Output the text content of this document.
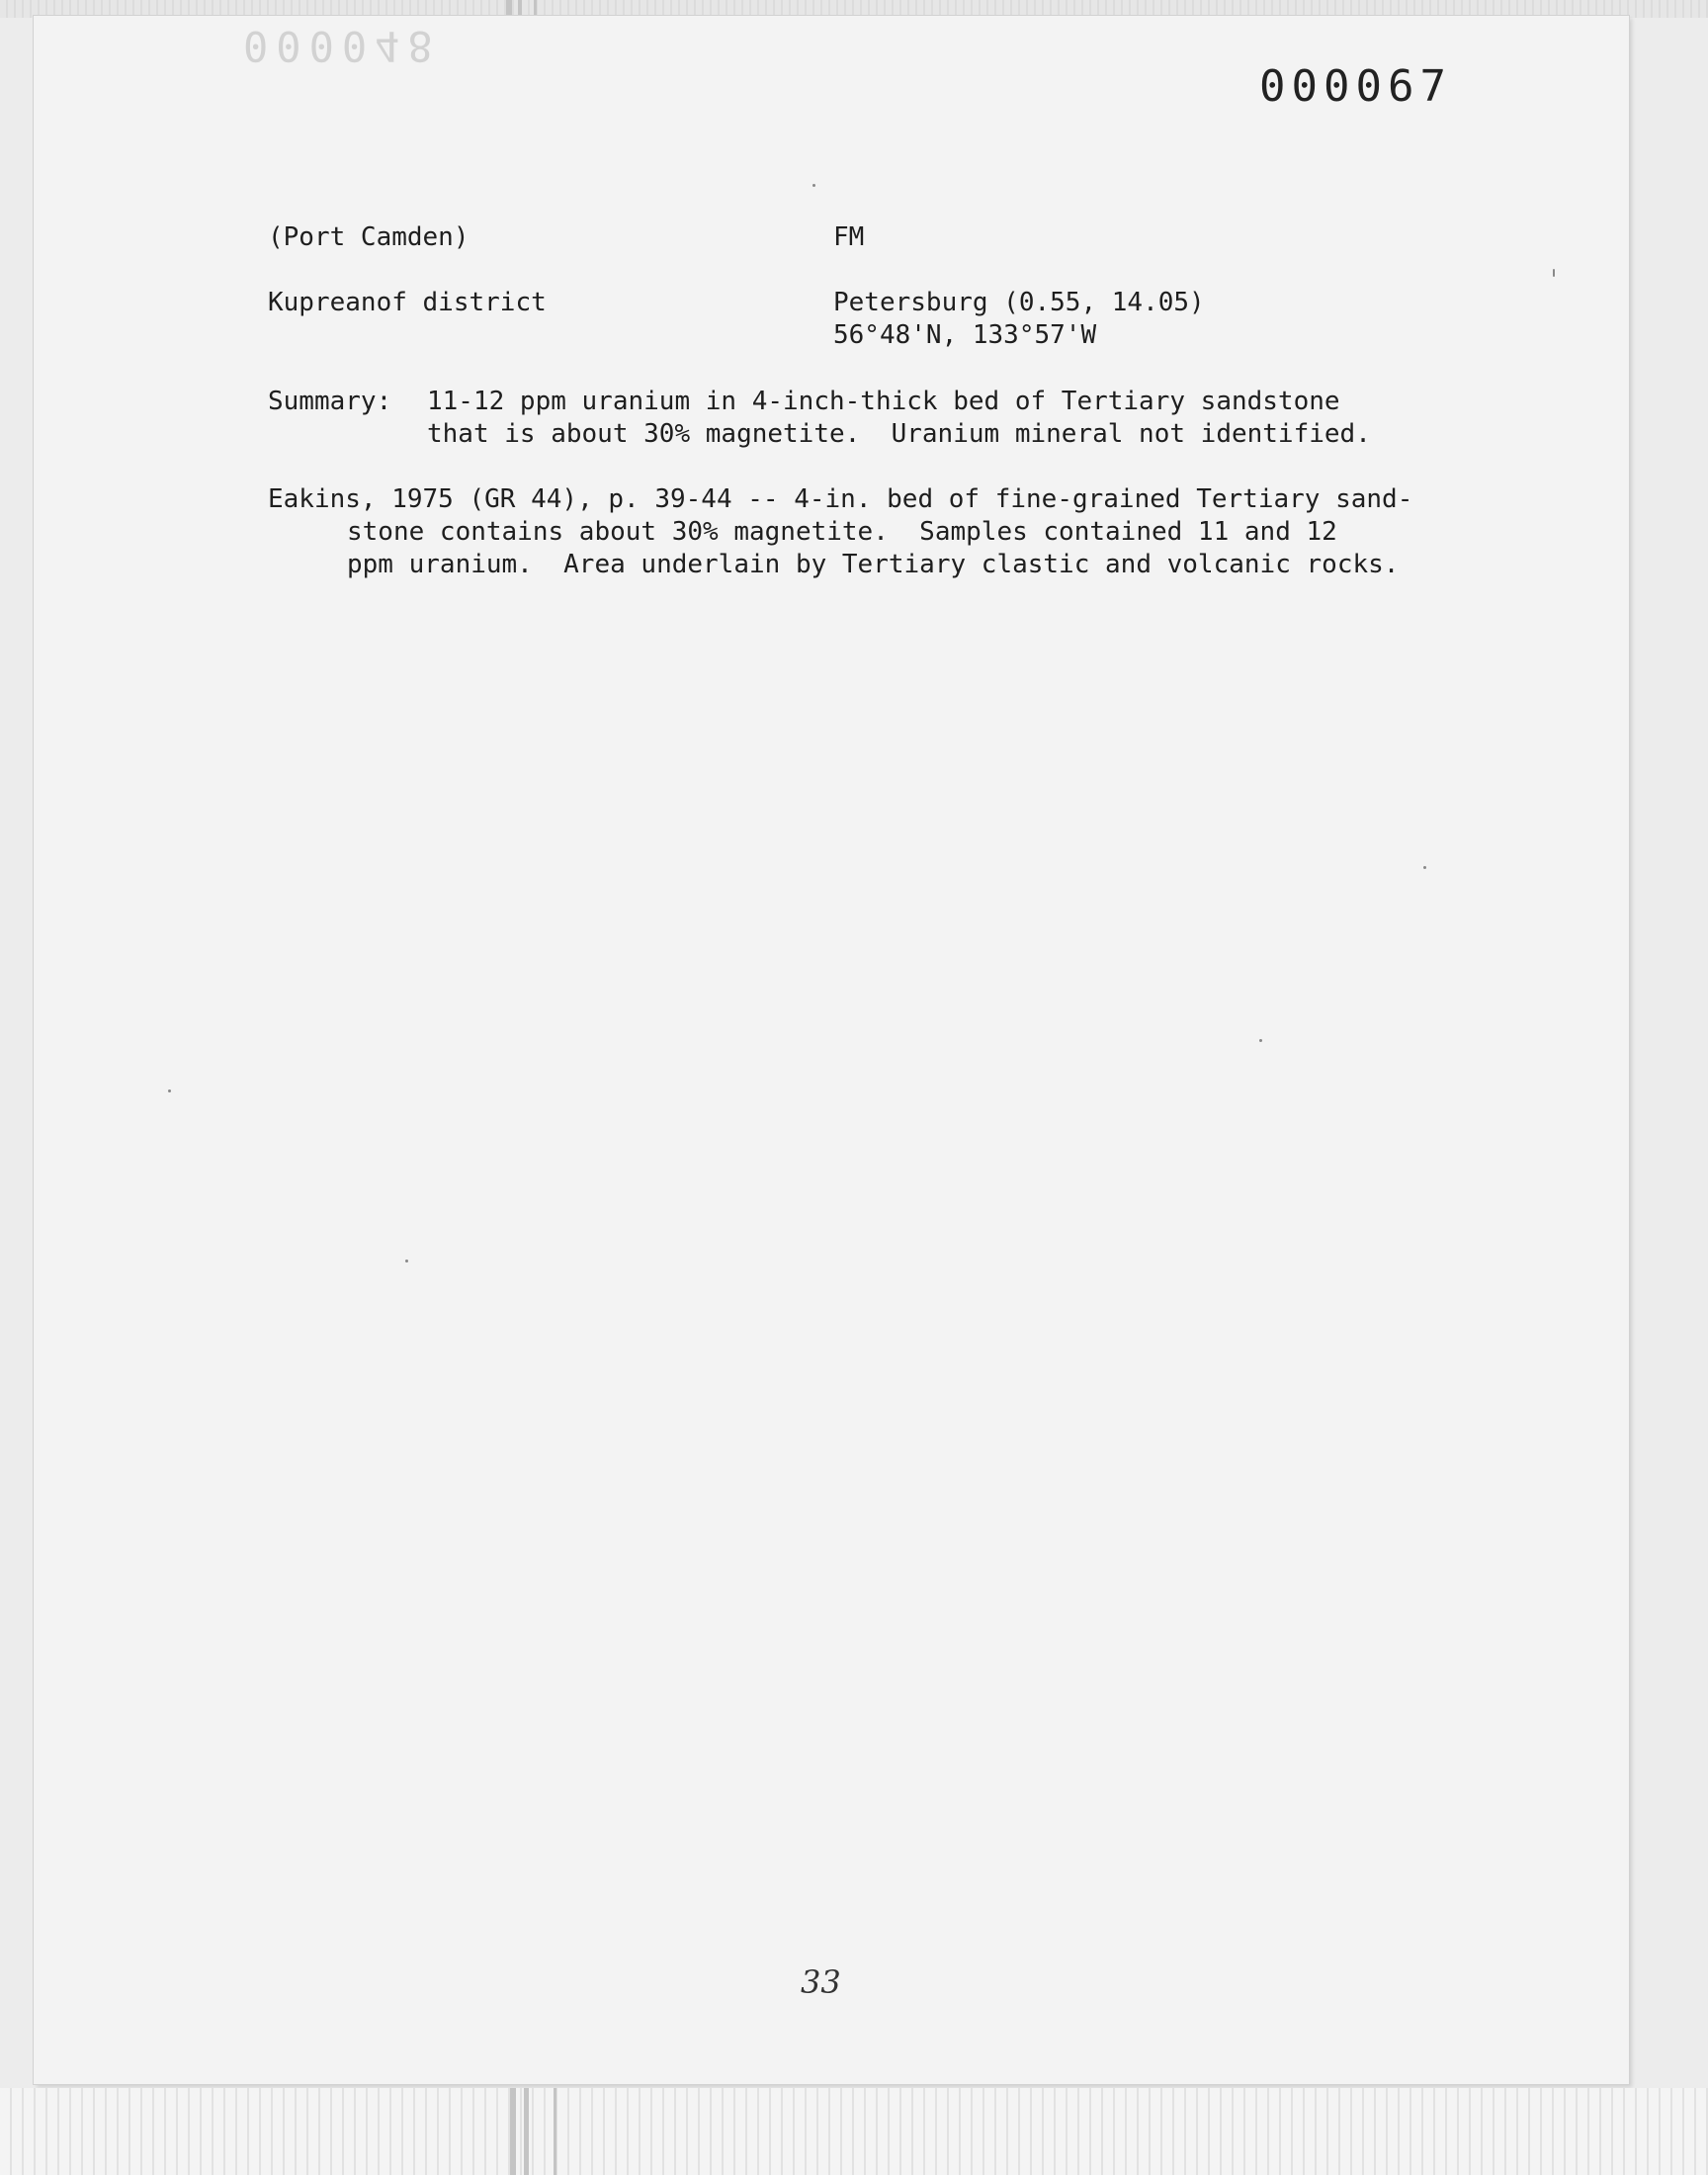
000048
000067
(Port Camden)	FM
Kupreanof district	Petersburg (0.55, 14.05)
56°48'N, 133°57'W
Summary: 11-12 ppm uranium in 4-inch-thick bed of Tertiary sandstone
that is about 30% magnetite.  Uranium mineral not identified.
Eakins, 1975 (GR 44), p. 39-44 -- 4-in. bed of fine-grained Tertiary sand-
stone contains about 30% magnetite.  Samples contained 11 and 12
ppm uranium.  Area underlain by Tertiary clastic and volcanic rocks.
33
